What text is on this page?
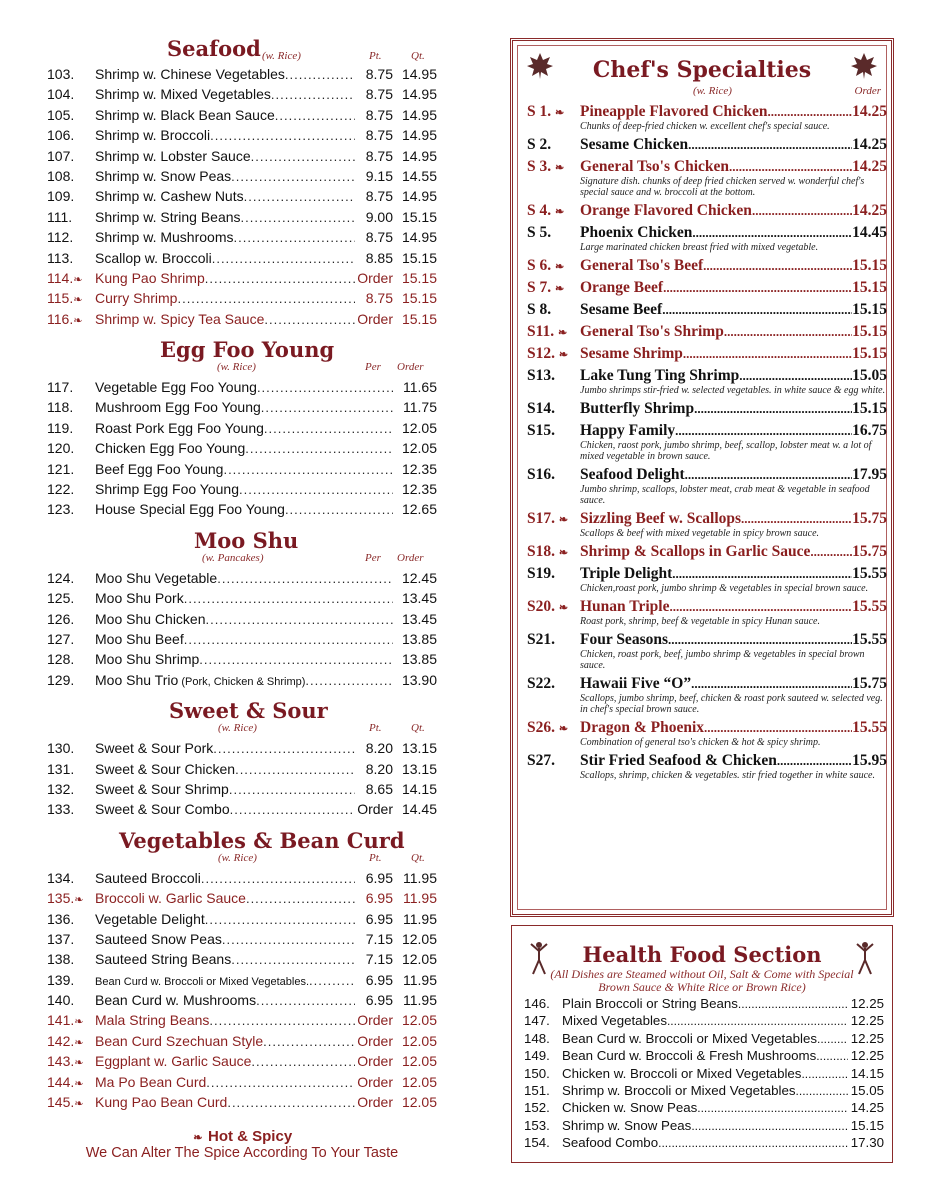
Seafood (w. Rice)	Pt.	Qt.
103.	Shrimp w. Chinese Vegetables .....	8.75 14.95
104.	Shrimp w. Mixed Vegetables .....	8.75 14.95
105.	Shrimp w. Black Bean Sauce .....	8.75 14.95
106.	Shrimp w. Broccoli .....	8.75 14.95
107.	Shrimp w. Lobster Sauce .....	8.75 14.95
108.	Shrimp w. Snow Peas .....	9.15 14.55
109.	Shrimp w. Cashew Nuts .....	8.75 14.95
111.	Shrimp w. String Beans .....	9.00 15.15
112.	Shrimp w. Mushrooms .....	8.75 14.95
113.	Scallop w. Broccoli .....	8.85 15.15
114.❧ Kung Pao Shrimp .....	Order 15.15
115.❧ Curry Shrimp .....	8.75 15.15
116.❧ Shrimp w. Spicy Tea Sauce .....	Order 15.15
Egg Foo Young
(w. Rice)	Per Order
117.	Vegetable Egg Foo Young .....	11.65
118.	Mushroom Egg Foo Young .....	11.75
119.	Roast Pork Egg Foo Young .....	12.05
120.	Chicken Egg Foo Young .....	12.05
121.	Beef Egg Foo Young .....	12.35
122.	Shrimp Egg Foo Young .....	12.35
123.	House Special Egg Foo Young .....	12.65
Moo Shu
(w. Pancakes)	Per Order
124.	Moo Shu Vegetable .....	12.45
125.	Moo Shu Pork .....	13.45
126.	Moo Shu Chicken .....	13.45
127.	Moo Shu Beef .....	13.85
128.	Moo Shu Shrimp .....	13.85
129.	Moo Shu Trio (Pork, Chicken & Shrimp) .....	13.90
Sweet & Sour
(w. Rice)	Pt.	Qt.
130.	Sweet & Sour Pork .....	8.20 13.15
131.	Sweet & Sour Chicken .....	8.20 13.15
132.	Sweet & Sour Shrimp .....	8.65 14.15
133.	Sweet & Sour Combo .....	Order 14.45
Vegetables & Bean Curd
(w. Rice)	Pt.	Qt.
134.	Sauteed Broccoli .....	6.95 11.95
135.❧ Broccoli w. Garlic Sauce .....	6.95 11.95
136.	Vegetable Delight .....	6.95 11.95
137.	Sauteed Snow Peas .....	7.15 12.05
138.	Sauteed String Beans .....	7.15 12.05
139.	Bean Curd w. Broccoli or Mixed Vegetables. .....	6.95 11.95
140.	Bean Curd w. Mushrooms .....	6.95 11.95
141.❧ Mala String Beans .....	Order 12.05
142.❧ Bean Curd Szechuan Style .....	Order 12.05
143.❧ Eggplant w. Garlic Sauce .....	Order 12.05
144.❧ Ma Po Bean Curd .....	Order 12.05
145.❧ Kung Pao Bean Curd .....	Order 12.05
❧ Hot & Spicy
We Can Alter The Spice According To Your Taste
Chef's Specialties
(w. Rice)	Order
S 1. ❧	Pineapple Flavored Chicken .....	14.25
Chunks of deep-fried chicken w. excellent chef's special sauce.
S 2.	Sesame Chicken .....	14.25
S 3. ❧	General Tso's Chicken .....	14.25
Signature dish. chunks of deep fried chicken served w. wonderful chef's special sauce and w. broccoli at the bottom.
S 4. ❧	Orange Flavored Chicken .....	14.25
S 5.	Phoenix Chicken .....	14.45
Large marinated chicken breast fried with mixed vegetable.
S 6. ❧	General Tso's Beef .....	15.15
S 7. ❧	Orange Beef .....	15.15
S 8.	Sesame Beef .....	15.15
S11. ❧ General Tso's Shrimp .....	15.15
S12. ❧ Sesame Shrimp .....	15.15
S13.	Lake Tung Ting Shrimp .....	15.05
Jumbo shrimps stir-fried w. selected vegetables. in white sauce & egg white.
S14.	Butterfly Shrimp .....	15.15
S15.	Happy Family .....	16.75
Chicken, raost pork, jumbo shrimp, beef, scallop, lobster meat w. a lot of mixed vegetable in brown sauce.
S16.	Seafood Delight .....	17.95
Jumbo shrimp, scallops, lobster meat, crab meat & vegetable in seafood sauce.
S17. ❧ Sizzling Beef w. Scallops .....	15.75
Scallops & beef with mixed vegetable in spicy brown sauce.
S18. ❧ Shrimp & Scallops in Garlic Sauce .....	15.75
S19.	Triple Delight .....	15.55
Chicken,roast pork, jumbo shrimp & vegetables in special brown sauce.
S20. ❧ Hunan Triple .....	15.55
Roast pork, shrimp, beef & vegetable in spicy Hunan sauce.
S21.	Four Seasons .....	15.55
Chicken, roast pork, beef, jumbo shrimp & vegetables in special brown sauce.
S22.	Hawaii Five “O” .....	15.75
Scallops, jumbo shrimp, beef, chicken & roast pork sauteed w. selected veg. in chef's special brown sauce.
S26. ❧ Dragon & Phoenix .....	15.55
Combination of general tso's chicken & hot & spicy shrimp.
S27.	Stir Fried Seafood & Chicken .....	15.95
Scallops, shrimp, chicken & vegetables. stir fried together in white sauce.
Health Food Section
(All Dishes are Steamed without Oil, Salt & Come with Special Brown Sauce & White Rice or Brown Rice)
146. Plain Broccoli or String Beans .....	12.25
147. Mixed Vegetables .....	12.25
148. Bean Curd w. Broccoli or Mixed Vegetables .....	12.25
149. Bean Curd w. Broccoli & Fresh Mushrooms .....	12.25
150. Chicken w. Broccoli or Mixed Vegetables .....	14.15
151. Shrimp w. Broccoli or Mixed Vegetables .....	15.05
152. Chicken w. Snow Peas .....	14.25
153. Shrimp w. Snow Peas .....	15.15
154. Seafood Combo .....	17.30
